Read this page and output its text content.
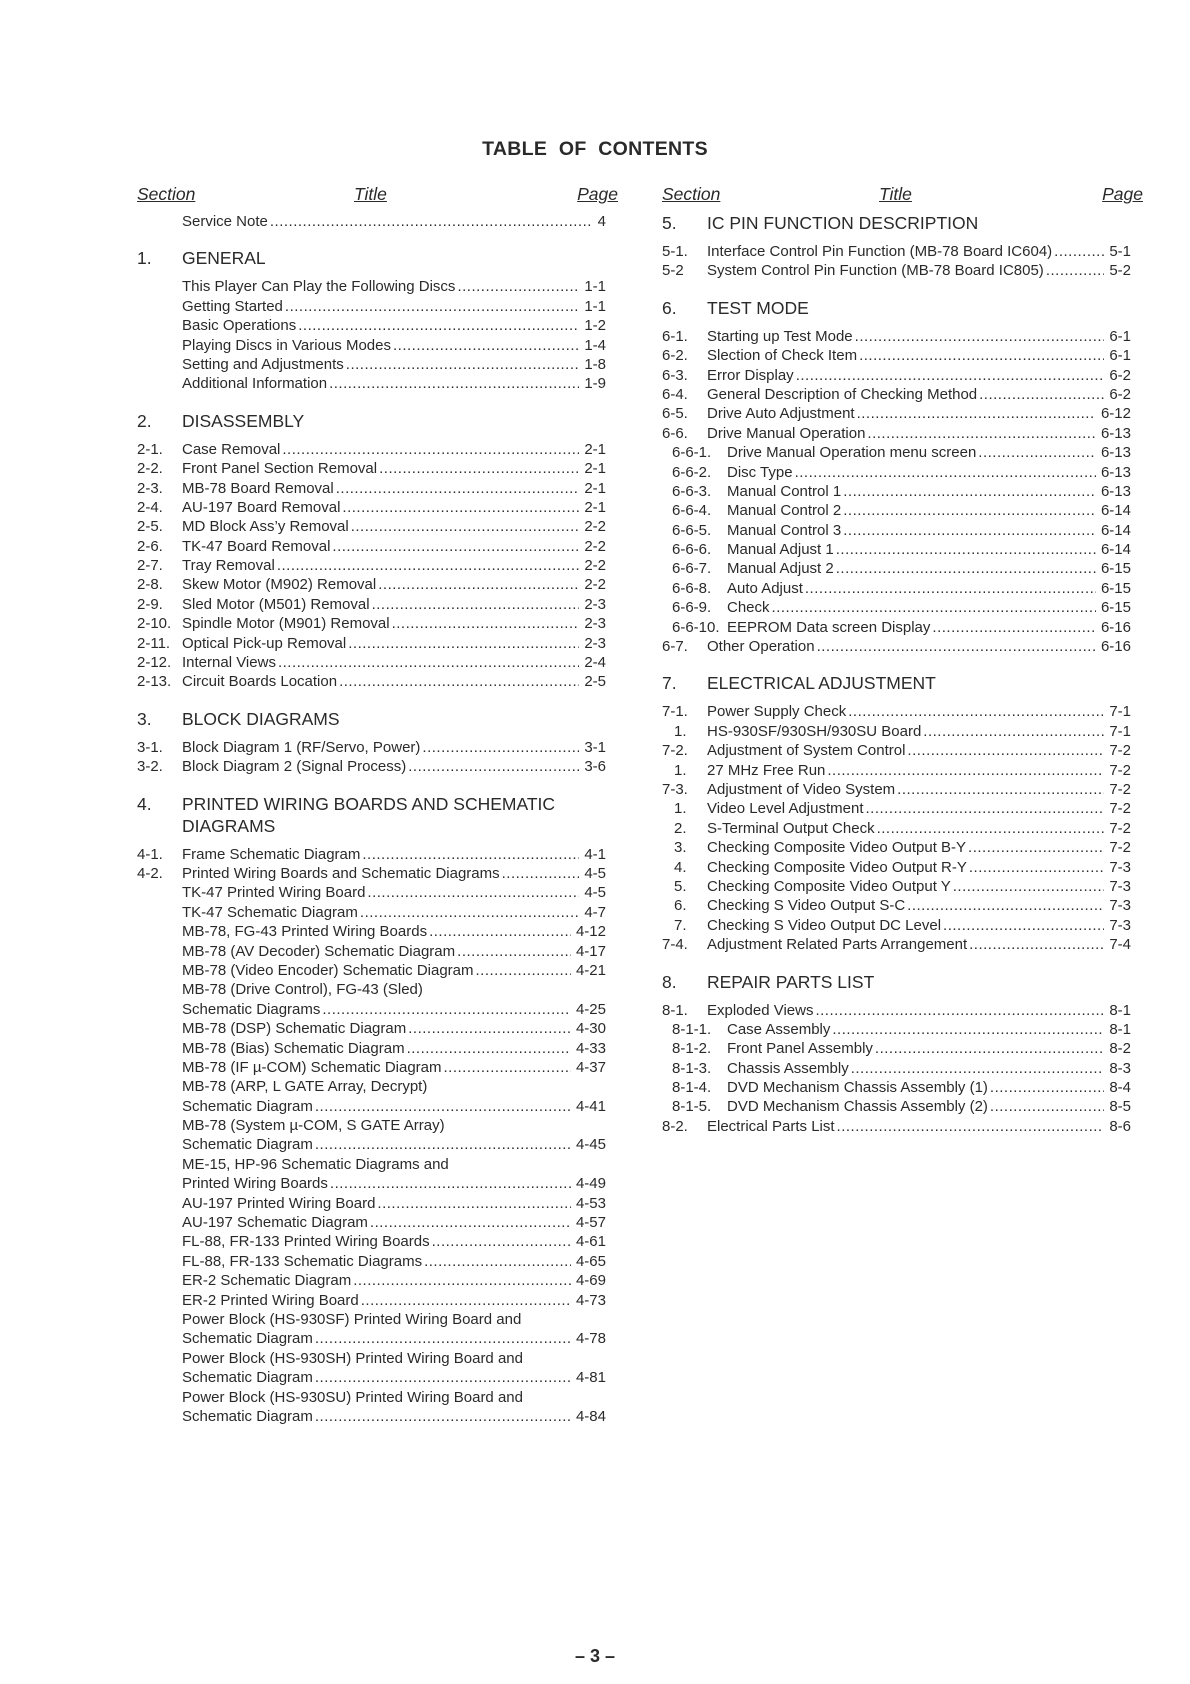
TABLE OF CONTENTS
Section	Title	Page
Service Note .....	4
1. GENERAL
This Player Can Play the Following Discs .....	1-1
Getting Started .....	1-1
Basic Operations .....	1-2
Playing Discs in Various Modes .....	1-4
Setting and Adjustments .....	1-8
Additional Information .....	1-9
2. DISASSEMBLY
2-1. Case Removal .....	2-1
2-2. Front Panel Section Removal .....	2-1
2-3. MB-78 Board Removal .....	2-1
2-4. AU-197 Board Removal .....	2-1
2-5. MD Block Ass’y Removal .....	2-2
2-6. TK-47 Board Removal .....	2-2
2-7. Tray Removal .....	2-2
2-8. Skew Motor (M902) Removal .....	2-2
2-9. Sled Motor (M501) Removal .....	2-3
2-10. Spindle Motor (M901) Removal .....	2-3
2-11. Optical Pick-up Removal .....	2-3
2-12. Internal Views .....	2-4
2-13. Circuit Boards Location .....	2-5
3. BLOCK DIAGRAMS
3-1. Block Diagram 1 (RF/Servo, Power) .....	3-1
3-2. Block Diagram 2 (Signal Process) .....	3-6
4. PRINTED WIRING BOARDS AND SCHEMATIC DIAGRAMS
4-1. Frame Schematic Diagram .....	4-1
4-2. Printed Wiring Boards and Schematic Diagrams .....	4-5
TK-47 Printed Wiring Board .....	4-5
TK-47 Schematic Diagram .....	4-7
MB-78, FG-43 Printed Wiring Boards .....	4-12
MB-78 (AV Decoder) Schematic Diagram .....	4-17
MB-78 (Video Encoder) Schematic Diagram .....	4-21
MB-78 (Drive Control), FG-43 (Sled)
Schematic Diagrams .....	4-25
MB-78 (DSP) Schematic Diagram .....	4-30
MB-78 (Bias) Schematic Diagram .....	4-33
MB-78 (IF µ-COM) Schematic Diagram .....	4-37
MB-78 (ARP, L GATE Array, Decrypt)
Schematic Diagram .....	4-41
MB-78 (System µ-COM, S GATE Array)
Schematic Diagram .....	4-45
ME-15, HP-96 Schematic Diagrams and
Printed Wiring Boards .....	4-49
AU-197 Printed Wiring Board .....	4-53
AU-197 Schematic Diagram .....	4-57
FL-88, FR-133 Printed Wiring Boards .....	4-61
FL-88, FR-133 Schematic Diagrams .....	4-65
ER-2 Schematic Diagram .....	4-69
ER-2 Printed Wiring Board .....	4-73
Power Block (HS-930SF) Printed Wiring Board and
Schematic Diagram .....	4-78
Power Block (HS-930SH) Printed Wiring Board and
Schematic Diagram .....	4-81
Power Block (HS-930SU) Printed Wiring Board and
Schematic Diagram .....	4-84
Section	Title	Page
5. IC PIN FUNCTION DESCRIPTION
5-1. Interface Control Pin Function (MB-78 Board IC604) .....	5-1
5-2 System Control Pin Function (MB-78 Board IC805) .....	5-2
6. TEST MODE
6-1. Starting up Test Mode .....	6-1
6-2. Slection of Check Item .....	6-1
6-3. Error Display .....	6-2
6-4. General Description of Checking Method .....	6-2
6-5. Drive Auto Adjustment .....	6-12
6-6. Drive Manual Operation .....	6-13
6-6-1. Drive Manual Operation menu screen .....	6-13
6-6-2. Disc Type .....	6-13
6-6-3. Manual Control 1 .....	6-13
6-6-4. Manual Control 2 .....	6-14
6-6-5. Manual Control 3 .....	6-14
6-6-6. Manual Adjust 1 .....	6-14
6-6-7. Manual Adjust 2 .....	6-15
6-6-8. Auto Adjust .....	6-15
6-6-9. Check .....	6-15
6-6-10. EEPROM Data screen Display .....	6-16
6-7. Other Operation .....	6-16
7. ELECTRICAL ADJUSTMENT
7-1. Power Supply Check .....	7-1
1. HS-930SF/930SH/930SU Board .....	7-1
7-2. Adjustment of System Control .....	7-2
1. 27 MHz Free Run .....	7-2
7-3. Adjustment of Video System .....	7-2
1. Video Level Adjustment .....	7-2
2. S-Terminal Output Check .....	7-2
3. Checking Composite Video Output B-Y .....	7-2
4. Checking Composite Video Output R-Y .....	7-3
5. Checking Composite Video Output Y .....	7-3
6. Checking S Video Output S-C .....	7-3
7. Checking S Video Output DC Level .....	7-3
7-4. Adjustment Related Parts Arrangement .....	7-4
8. REPAIR PARTS LIST
8-1. Exploded Views .....	8-1
8-1-1. Case Assembly .....	8-1
8-1-2. Front Panel Assembly .....	8-2
8-1-3. Chassis Assembly .....	8-3
8-1-4. DVD Mechanism Chassis Assembly (1) .....	8-4
8-1-5. DVD Mechanism Chassis Assembly (2) .....	8-5
8-2. Electrical Parts List .....	8-6
– 3 –
